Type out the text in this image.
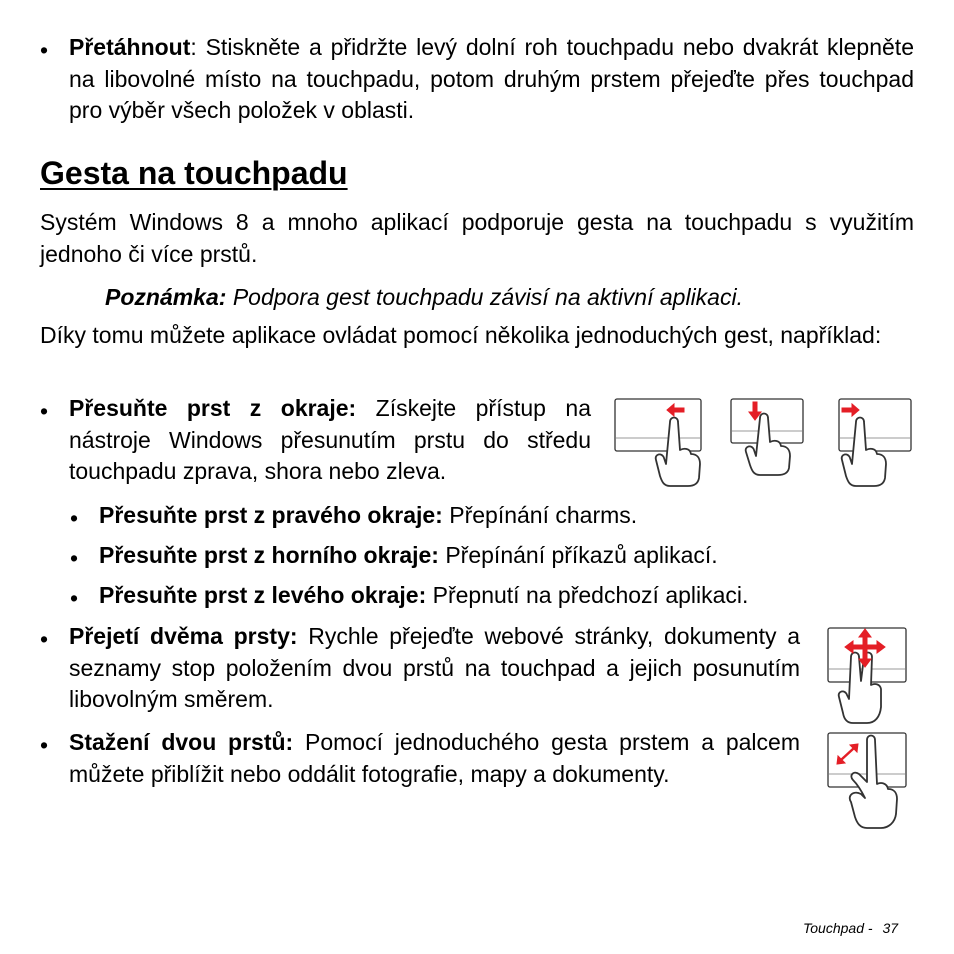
• Přetáhnout: Stiskněte a přidržte levý dolní roh touchpadu nebo dvakrát klepněte na libovolné místo na touchpadu, potom druhým prstem přejeďte přes touchpad pro výběr všech položek v oblasti.
Gesta na touchpadu
Systém Windows 8 a mnoho aplikací podporuje gesta na touchpadu s využitím jednoho či více prstů.
Poznámka: Podpora gest touchpadu závisí na aktivní aplikaci.
Díky tomu můžete aplikace ovládat pomocí několika jednoduchých gest, například:
• Přesuňte prst z okraje: Získejte přístup na nástroje Windows přesunutím prstu do středu touchpadu zprava, shora nebo zleva.
• Přesuňte prst z pravého okraje: Přepínání charms.
• Přesuňte prst z horního okraje: Přepínání příkazů aplikací.
• Přesuňte prst z levého okraje: Přepnutí na předchozí aplikaci.
• Přejetí dvěma prsty: Rychle přejeďte webové stránky, dokumenty a seznamy stop položením dvou prstů na touchpad a jejich posunutím libovolným směrem.
• Stažení dvou prstů: Pomocí jednoduchého gesta prstem a palcem můžete přiblížit nebo oddálit fotografie, mapy a dokumenty.
Touchpad - 37
